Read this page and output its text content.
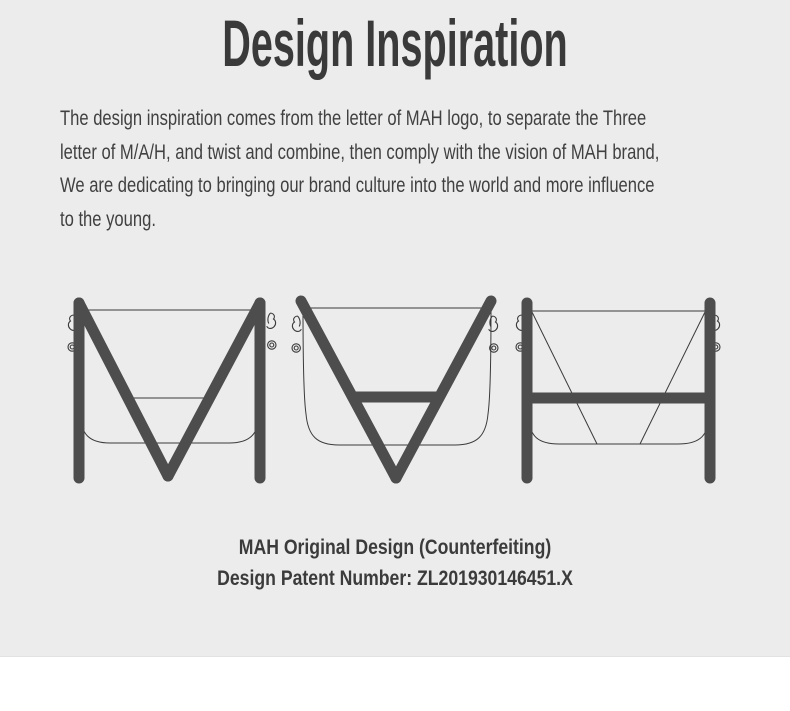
Design Inspiration
The design inspiration comes from the letter of MAH logo, to separate the Three
letter of M/A/H, and twist and combine, then comply with the vision of MAH brand,
We are dedicating to bringing our brand culture into the world and more influence
to the young.
MAH Original Design (Counterfeiting)
Design Patent Number: ZL201930146451.X
